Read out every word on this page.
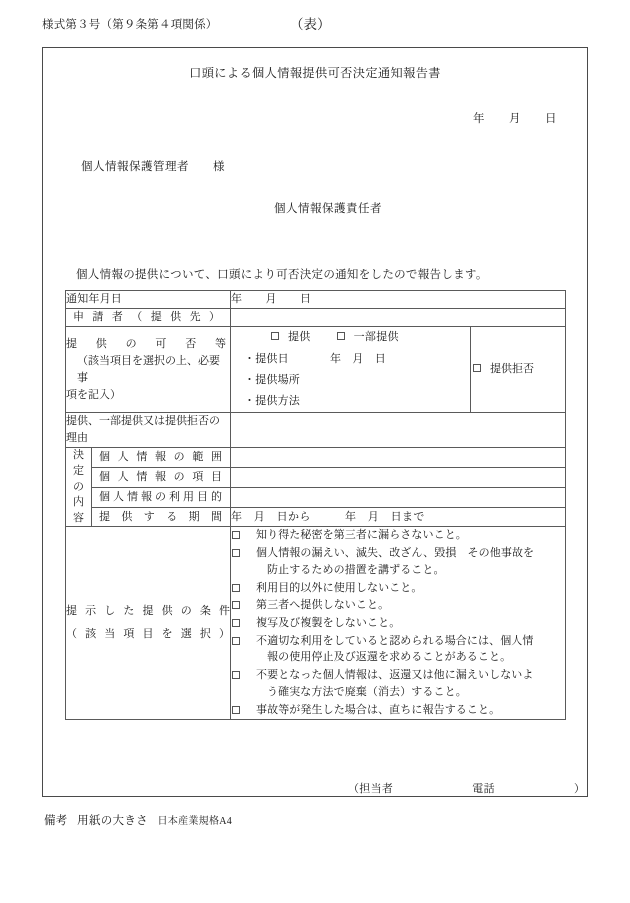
様式第３号（第９条第４項関係）	（表）
口頭による個人情報提供可否決定通知報告書
年　　月　　日
個人情報保護管理者　　様
個人情報保護責任者
個人情報の提供について、口頭により可否決定の通知をしたので報告します。
通知年月日		年　　月　　日	

申請者（提供先）			

提供の可否等
（該当項目を選択の上、必要事
項を記入）

提供	一部提供
・提供日	年　月　日
・提供場所
・提供方法
	提供拒否

提供、一部提供又は提供拒否の
理由			

決
定
の
内
容	個人情報の範囲		

	個人情報の項目		

	個人情報の利用目的		

	提供する期間	年　月　日から　　　年　月　日まで	

提示した提供の条件
（該当項目を選択）

知り得た秘密を第三者に漏らさないこと。
個人情報の漏えい、滅失、改ざん、毀損　その他事故を
防止するための措置を講ずること。
利用目的以外に使用しないこと。
第三者へ提供しないこと。
複写及び複製をしないこと。
不適切な利用をしていると認められる場合には、個人情
報の使用停止及び返還を求めることがあること。
不要となった個人情報は、返還又は他に漏えいしないよ
う確実な方法で廃棄（消去）すること。
事故等が発生した場合は、直ちに報告すること。
（担当者　　　　　　　電話　　　　　　　）
備考 用紙の大きさ 日本産業規格A4
